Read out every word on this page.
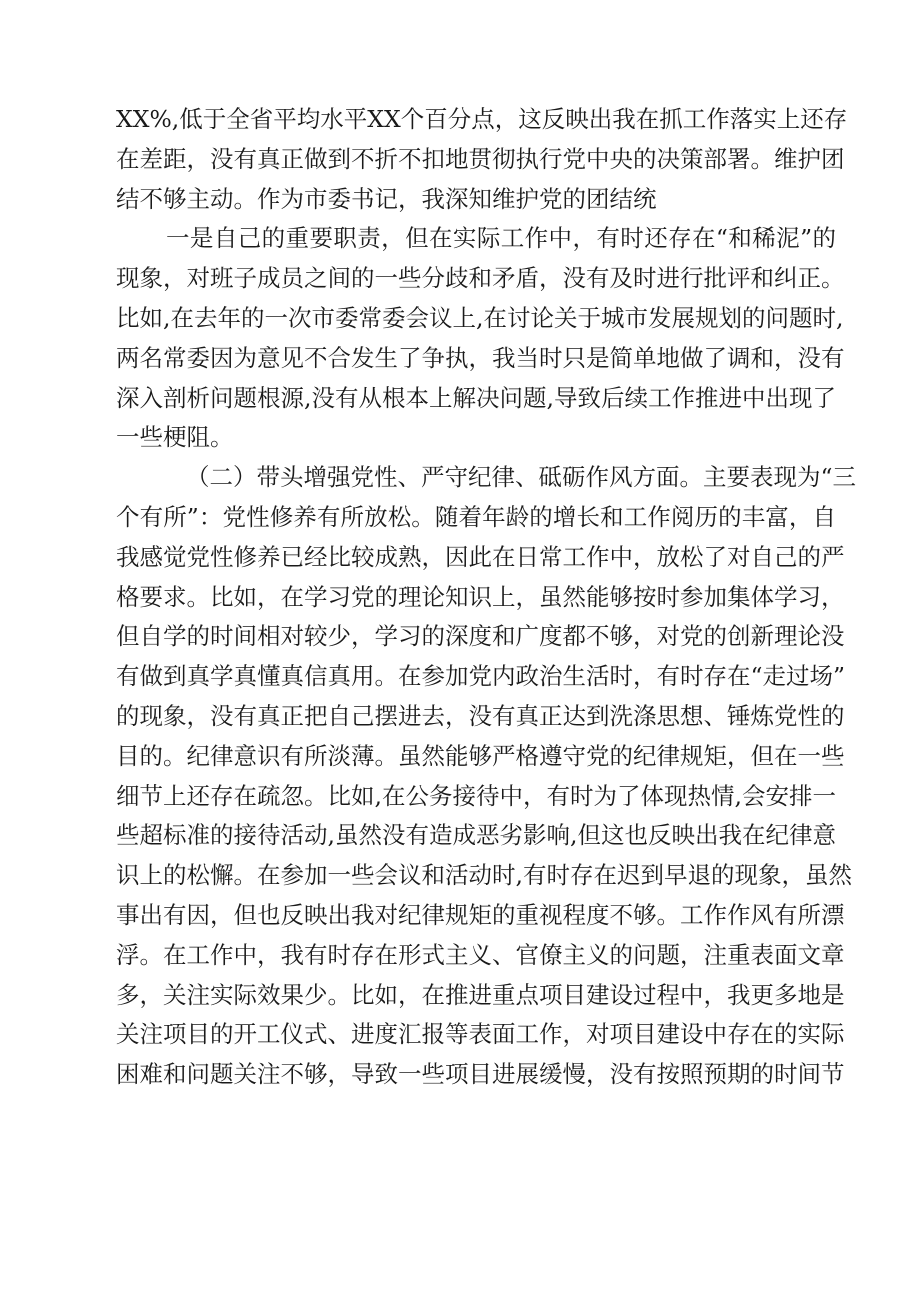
XX%,低于全省平均水平XX个百分点，这反映出我在抓工作落实上还存
在差距，没有真正做到不折不扣地贯彻执行党中央的决策部署。维护团
结不够主动。作为市委书记，我深知维护党的团结统
一是自己的重要职责，但在实际工作中，有时还存在“和稀泥”的
现象，对班子成员之间的一些分歧和矛盾，没有及时进行批评和纠正。
比如,在去年的一次市委常委会议上,在讨论关于城市发展规划的问题时,
两名常委因为意见不合发生了争执，我当时只是简单地做了调和，没有
深入剖析问题根源,没有从根本上解决问题,导致后续工作推进中出现了
一些梗阻。
（二）带头增强党性、严守纪律、砥砺作风方面。主要表现为“三
个有所”：党性修养有所放松。随着年龄的增长和工作阅历的丰富，自
我感觉党性修养已经比较成熟，因此在日常工作中，放松了对自己的严
格要求。比如，在学习党的理论知识上，虽然能够按时参加集体学习，
但自学的时间相对较少，学习的深度和广度都不够，对党的创新理论没
有做到真学真懂真信真用。在参加党内政治生活时，有时存在“走过场”
的现象，没有真正把自己摆进去，没有真正达到洗涤思想、锤炼党性的
目的。纪律意识有所淡薄。虽然能够严格遵守党的纪律规矩，但在一些
细节上还存在疏忽。比如,在公务接待中，有时为了体现热情,会安排一
些超标准的接待活动,虽然没有造成恶劣影响,但这也反映出我在纪律意
识上的松懈。在参加一些会议和活动时,有时存在迟到早退的现象，虽然
事出有因，但也反映出我对纪律规矩的重视程度不够。工作作风有所漂
浮。在工作中，我有时存在形式主义、官僚主义的问题，注重表面文章
多，关注实际效果少。比如，在推进重点项目建设过程中，我更多地是
关注项目的开工仪式、进度汇报等表面工作，对项目建设中存在的实际
困难和问题关注不够，导致一些项目进展缓慢，没有按照预期的时间节
